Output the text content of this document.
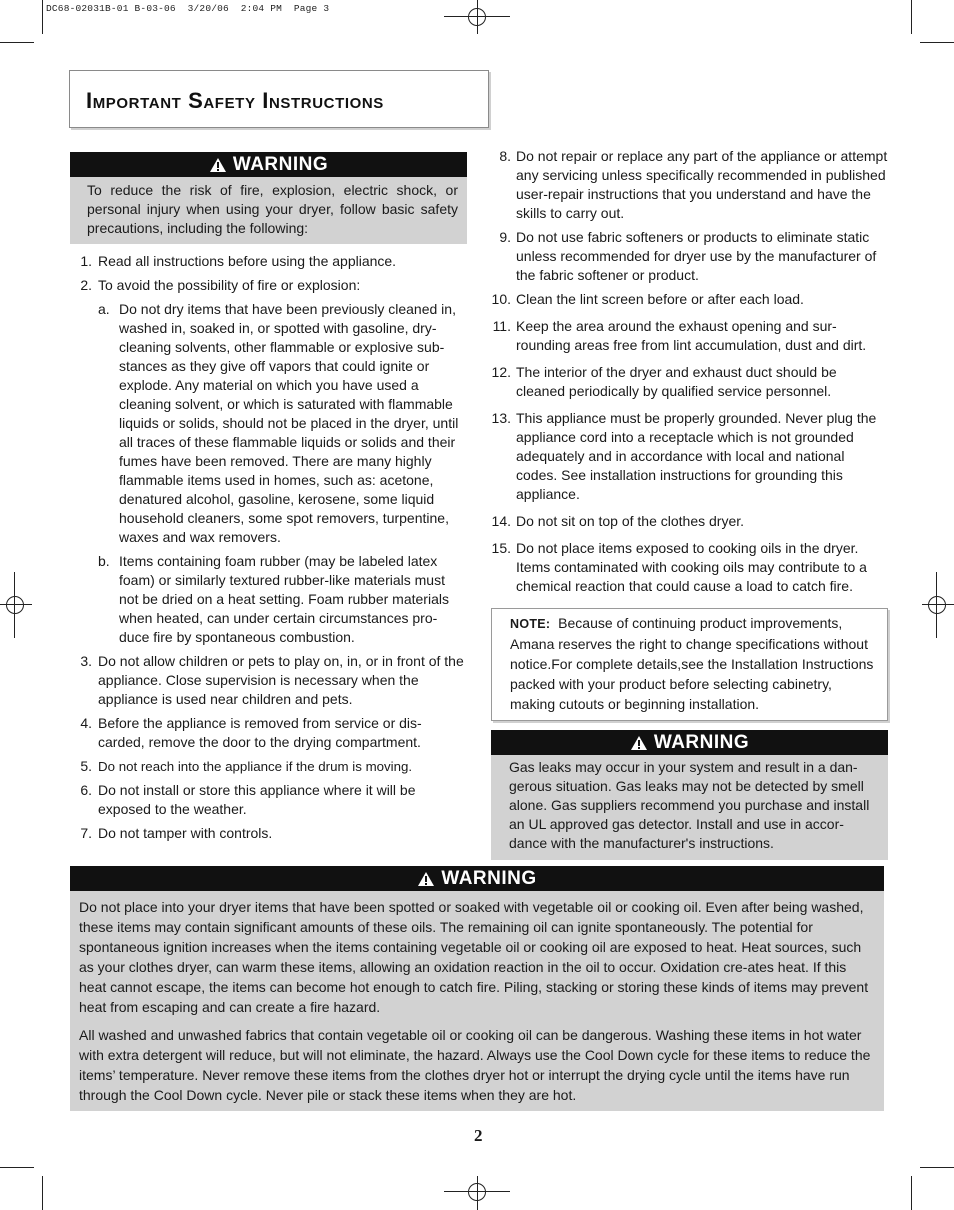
DC68-02031B-01 B-03-06  3/20/06  2:04 PM  Page 3
Important Safety Instructions
WARNING
To reduce the risk of fire, explosion, electric shock, or personal injury when using your dryer, follow basic safety precautions, including the following:
1. Read all instructions before using the appliance.
2. To avoid the possibility of fire or explosion:
a. Do not dry items that have been previously cleaned in, washed in, soaked in, or spotted with gasoline, dry-cleaning solvents, other flammable or explosive sub-stances as they give off vapors that could ignite or explode. Any material on which you have used a cleaning solvent, or which is saturated with flammable liquids or solids, should not be placed in the dryer, until all traces of these flammable liquids or solids and their fumes have been removed. There are many highly flammable items used in homes, such as: acetone, denatured alcohol, gasoline, kerosene, some liquid household cleaners, some spot removers, turpentine, waxes and wax removers.
b. Items containing foam rubber (may be labeled latex foam) or similarly textured rubber-like materials must not be dried on a heat setting. Foam rubber materials when heated, can under certain circumstances pro-duce fire by spontaneous combustion.
3. Do not allow children or pets to play on, in, or in front of the appliance. Close supervision is necessary when the appliance is used near children and pets.
4. Before the appliance is removed from service or dis-carded, remove the door to the drying compartment.
5. Do not reach into the appliance if the drum is moving.
6. Do not install or store this appliance where it will be exposed to the weather.
7. Do not tamper with controls.
8. Do not repair or replace any part of the appliance or attempt any servicing unless specifically recommended in published user-repair instructions that you understand and have the skills to carry out.
9. Do not use fabric softeners or products to eliminate static unless recommended for dryer use by the manufacturer of the fabric softener or product.
10. Clean the lint screen before or after each load.
11. Keep the area around the exhaust opening and sur-rounding areas free from lint accumulation, dust and dirt.
12. The interior of the dryer and exhaust duct should be cleaned periodically by qualified service personnel.
13. This appliance must be properly grounded. Never plug the appliance cord into a receptacle which is not grounded adequately and in accordance with local and national codes. See installation instructions for grounding this appliance.
14. Do not sit on top of the clothes dryer.
15. Do not place items exposed to cooking oils in the dryer. Items contaminated with cooking oils may contribute to a chemical reaction that could cause a load to catch fire.
NOTE: Because of continuing product improvements, Amana reserves the right to change specifications without notice.For complete details,see the Installation Instructions packed with your product before selecting cabinetry, making cutouts or beginning installation.
WARNING
Gas leaks may occur in your system and result in a dan-gerous situation. Gas leaks may not be detected by smell alone. Gas suppliers recommend you purchase and install an UL approved gas detector. Install and use in accor-dance with the manufacturer's instructions.
WARNING

Do not place into your dryer items that have been spotted or soaked with vegetable oil or cooking oil. Even after being washed, these items may contain significant amounts of these oils. The remaining oil can ignite spontaneously. The potential for spontaneous ignition increases when the items containing vegetable oil or cooking oil are exposed to heat. Heat sources, such as your clothes dryer, can warm these items, allowing an oxidation reaction in the oil to occur. Oxidation cre-ates heat. If this heat cannot escape, the items can become hot enough to catch fire. Piling, stacking or storing these kinds of items may prevent heat from escaping and can create a fire hazard.

All washed and unwashed fabrics that contain vegetable oil or cooking oil can be dangerous. Washing these items in hot water with extra detergent will reduce, but will not eliminate, the hazard. Always use the Cool Down cycle for these items to reduce the items’ temperature. Never remove these items from the clothes dryer hot or interrupt the drying cycle until the items have run through the Cool Down cycle. Never pile or stack these items when they are hot.

2
